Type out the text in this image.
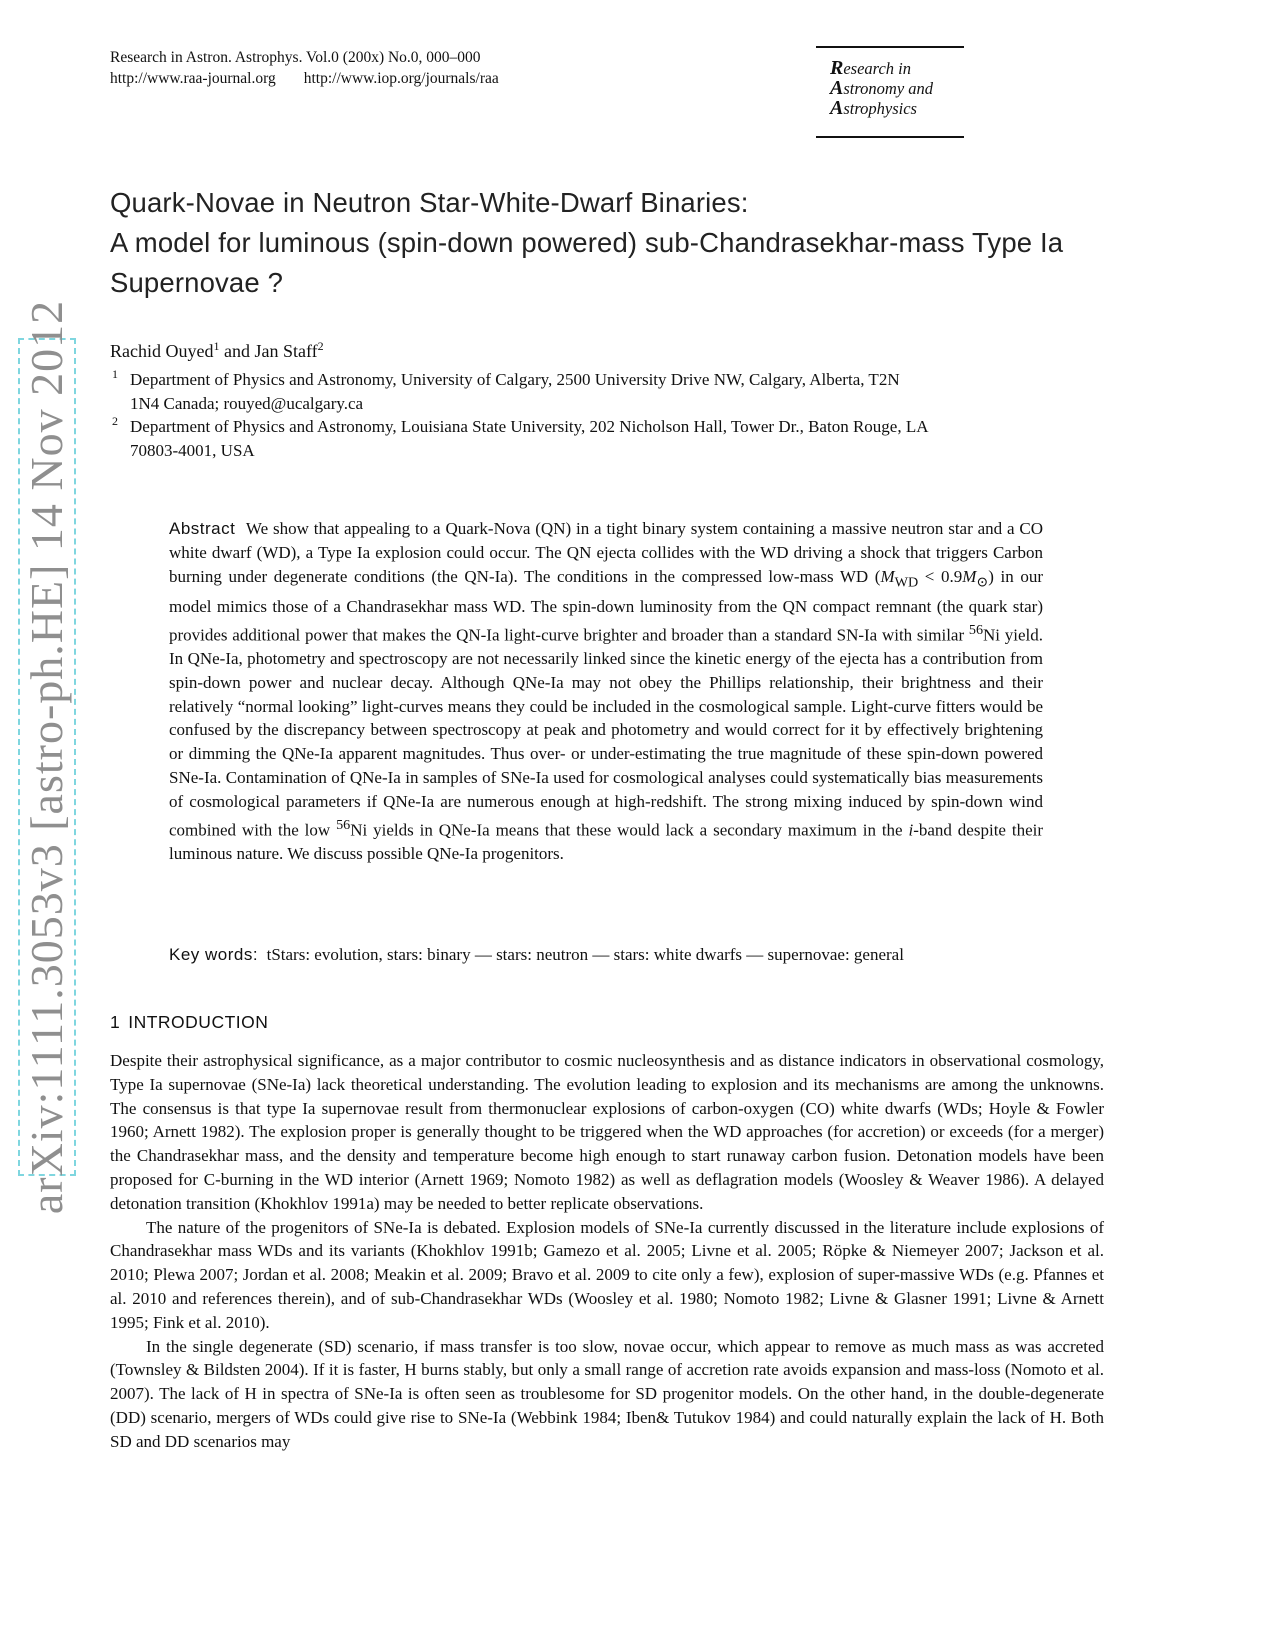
Research in Astron. Astrophys. Vol.0 (200x) No.0, 000–000
http://www.raa-journal.org http://www.iop.org/journals/raa	Research in
Astronomy and
Astrophysics
Quark-Novae in Neutron Star-White-Dwarf Binaries:
A model for luminous (spin-down powered) sub-Chandrasekhar-mass Type Ia
Supernovae ?
Rachid Ouyed$^1$ and Jan Staff$^2$
1 Department of Physics and Astronomy, University of Calgary, 2500 University Drive NW, Calgary, Alberta, T2N
1N4 Canada; rouyed@ucalgary.ca
2 Department of Physics and Astronomy, Louisiana State University, 202 Nicholson Hall, Tower Dr., Baton Rouge, LA
70803-4001, USA
Abstract We show that appealing to a Quark-Nova (QN) in a tight binary system containing a massive neutron star and a CO white dwarf (WD), a Type Ia explosion could occur. The QN ejecta collides with the WD driving a shock that triggers Carbon burning under degenerate conditions (the QN-Ia). The conditions in the compressed low-mass WD $(M_{WD} < 0.9M_⊙)$ in our model mimics those of a Chandrasekhar mass WD. The spin-down luminosity from the QN compact remnant (the quark star) provides additional power that makes the QN-Ia light-curve brighter and broader than a standard SN-Ia with similar $^{56}$Ni yield. In QNe-Ia, photometry and spectroscopy are not necessarily linked since the kinetic energy of the ejecta has a contribution from spin-down power and nuclear decay. Although QNe-Ia may not obey the Phillips relationship, their brightness and their relatively “normal looking” light-curves means they could be included in the cosmological sample. Light-curve fitters would be confused by the discrepancy between spectroscopy at peak and photometry and would correct for it by effectively brightening or dimming the QNe-Ia apparent magnitudes. Thus over- or under-estimating the true magnitude of these spin-down powered SNe-Ia. Contamination of QNe-Ia in samples of SNe-Ia used for cosmological analyses could systematically bias measurements of cosmological parameters if QNe-Ia are numerous enough at high-redshift. The strong mixing induced by spin-down wind combined with the low $^{56}$Ni yields in QNe-Ia means that these would lack a secondary maximum in the i-band despite their luminous nature. We discuss possible QNe-Ia progenitors.
Key words: tStars: evolution, stars: binary — stars: neutron — stars: white dwarfs — supernovae: general
1 INTRODUCTION

Despite their astrophysical significance, as a major contributor to cosmic nucleosynthesis and as distance indicators in observational cosmology, Type Ia supernovae (SNe-Ia) lack theoretical understanding. The evolution leading to explosion and its mechanisms are among the unknowns. The consensus is that type Ia supernovae result from thermonuclear explosions of carbon-oxygen (CO) white dwarfs (WDs; Hoyle & Fowler 1960; Arnett 1982). The explosion proper is generally thought to be triggered when the WD approaches (for accretion) or exceeds (for a merger) the Chandrasekhar mass, and the density and temperature become high enough to start runaway carbon fusion. Detonation models have been proposed for C-burning in the WD interior (Arnett 1969; Nomoto 1982) as well as deflagration models (Woosley & Weaver 1986). A delayed detonation transition (Khokhlov 1991a) may be needed to better replicate observations.

The nature of the progenitors of SNe-Ia is debated. Explosion models of SNe-Ia currently discussed in the literature include explosions of Chandrasekhar mass WDs and its variants (Khokhlov 1991b; Gamezo et al. 2005; Livne et al. 2005; Röpke & Niemeyer 2007; Jackson et al. 2010; Plewa 2007; Jordan et al. 2008; Meakin et al. 2009; Bravo et al. 2009 to cite only a few), explosion of super-massive WDs (e.g. Pfannes et al. 2010 and references therein), and of sub-Chandrasekhar WDs (Woosley et al. 1980; Nomoto 1982; Livne & Glasner 1991; Livne & Arnett 1995; Fink et al. 2010).

In the single degenerate (SD) scenario, if mass transfer is too slow, novae occur, which appear to remove as much mass as was accreted (Townsley & Bildsten 2004). If it is faster, H burns stably, but only a small range of accretion rate avoids expansion and mass-loss (Nomoto et al. 2007). The lack of H in spectra of SNe-Ia is often seen as troublesome for SD progenitor models. On the other hand, in the double-degenerate (DD) scenario, mergers of WDs could give rise to SNe-Ia (Webbink 1984; Iben& Tutukov 1984) and could naturally explain the lack of H. Both SD and DD scenarios may

arXiv:1111.3053v3 [astro-ph.HE] 14 Nov 2012
